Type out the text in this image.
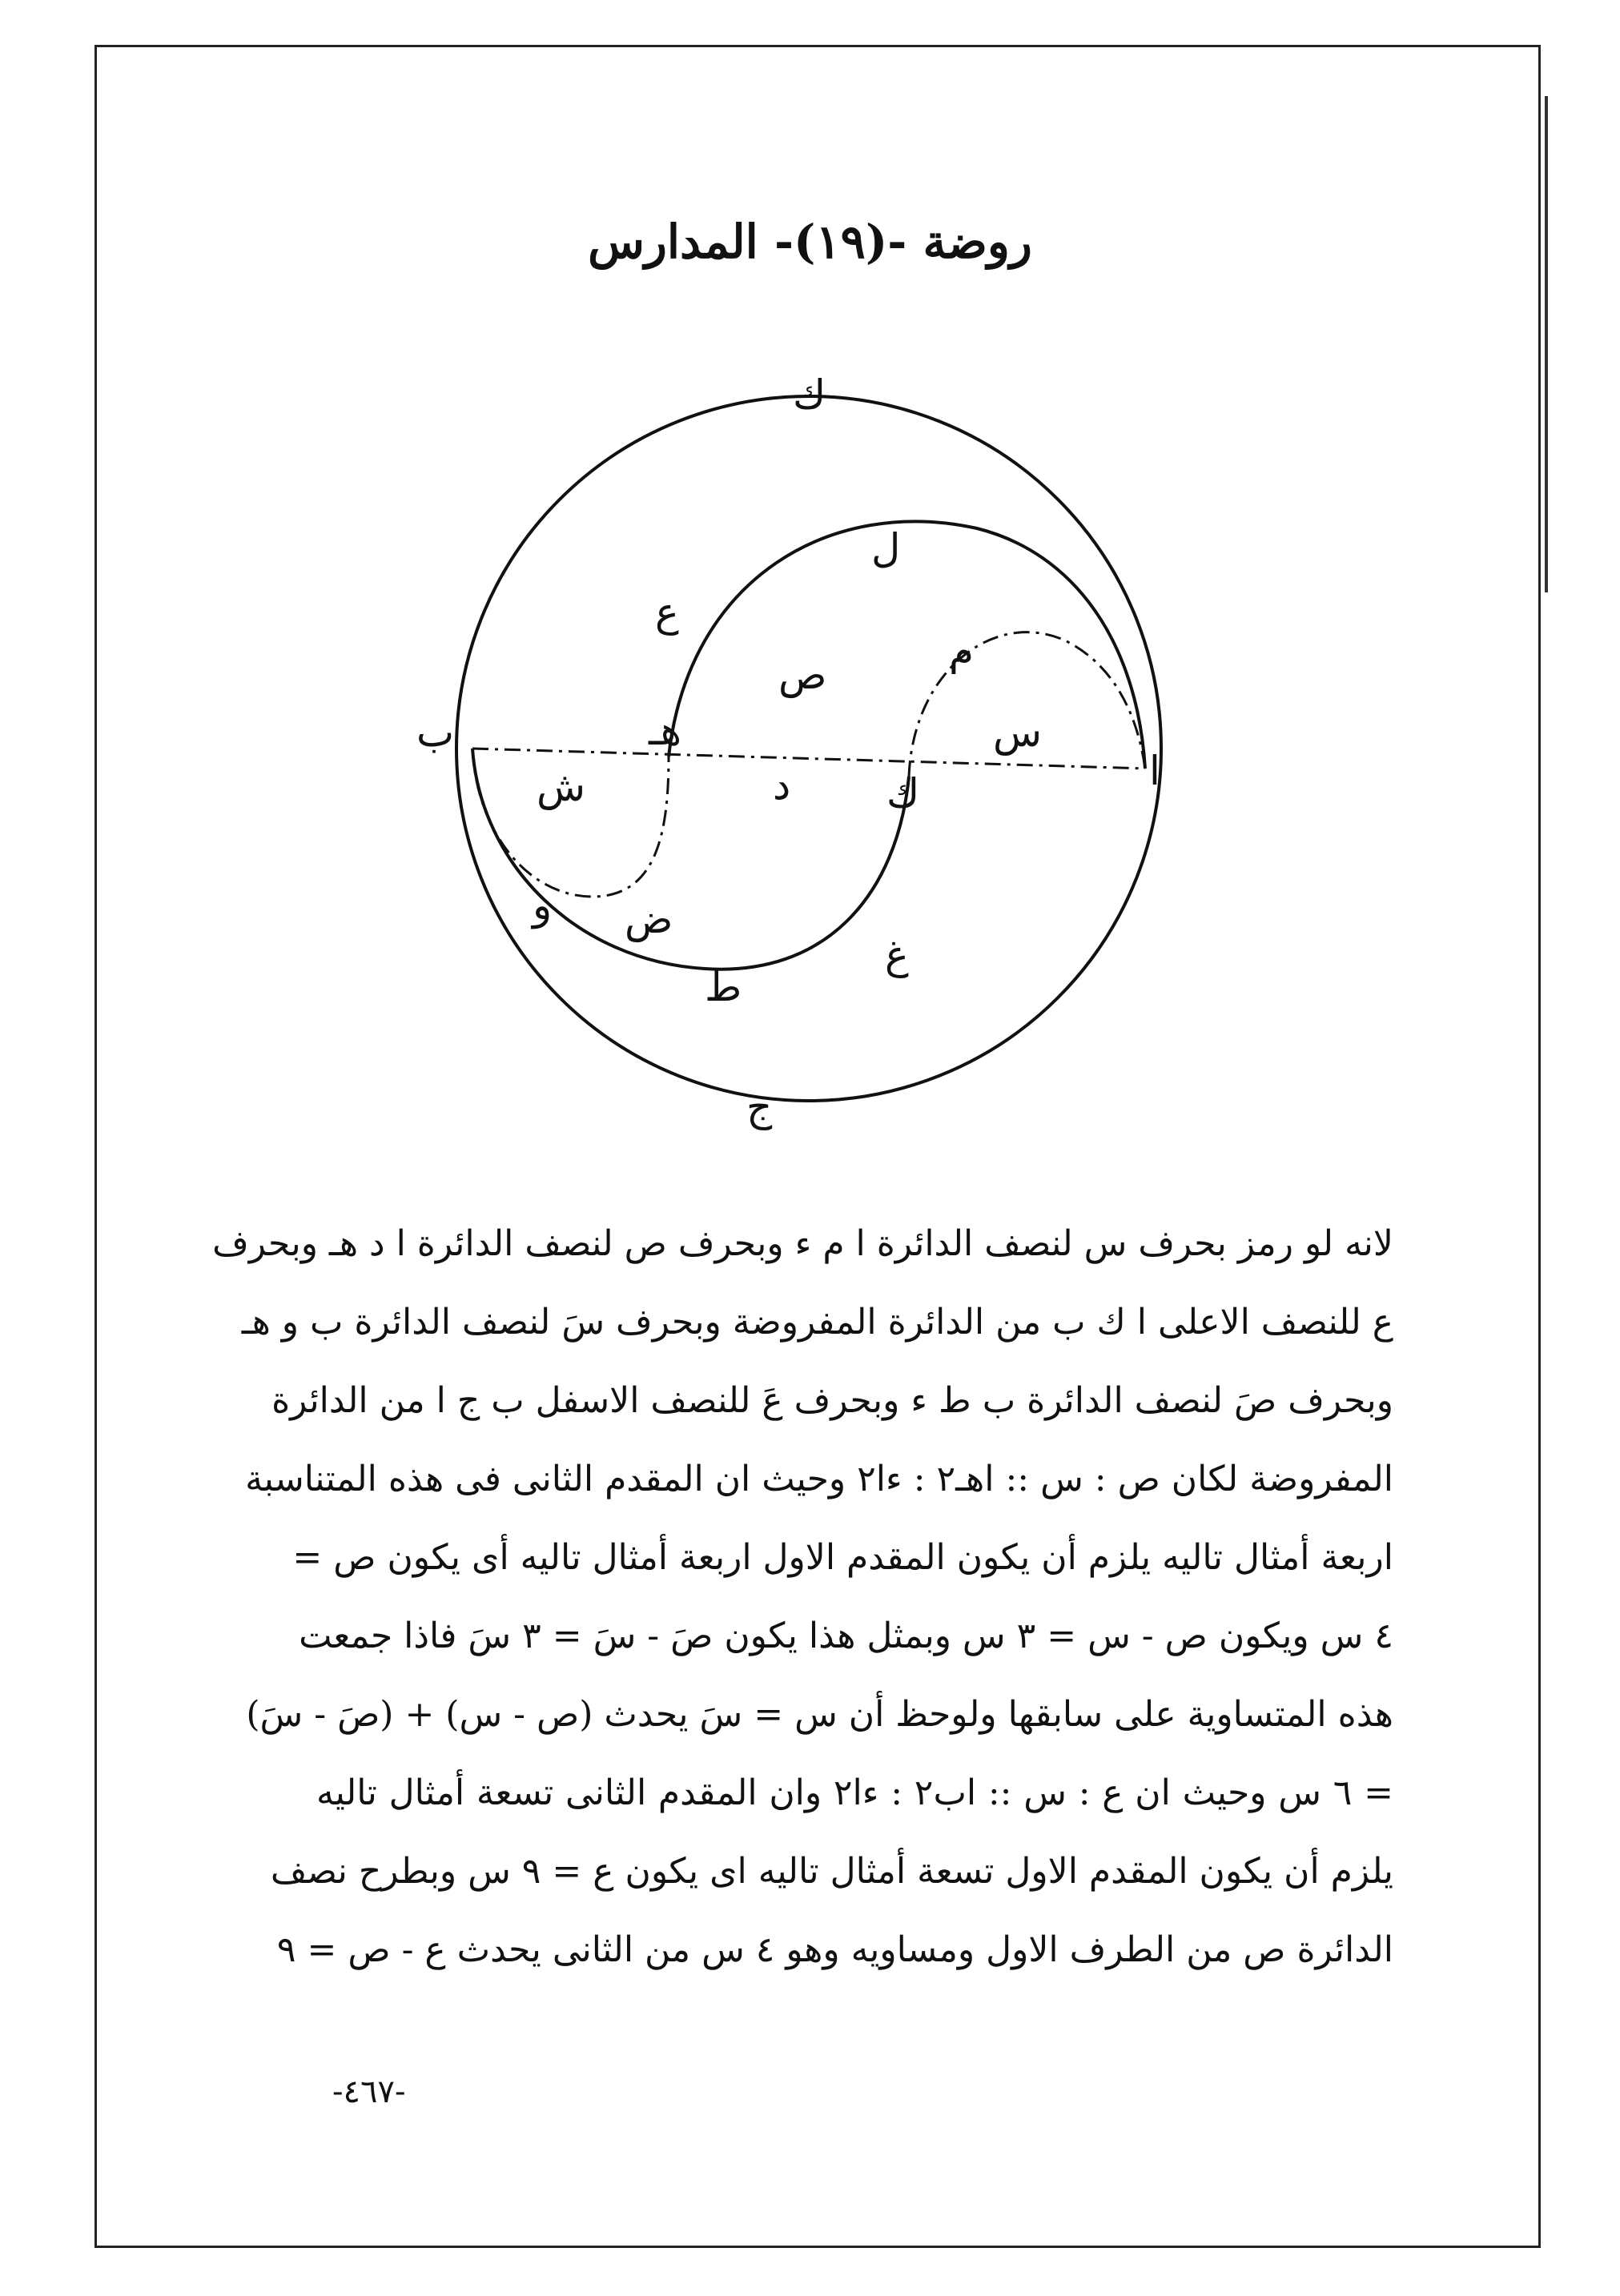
روضة -(١٩)- المدارس
ك
ل
ع
ص
م
س
ب	هـ
ش	د ك	ا
و ض
غ
ط
ج
لانه لو رمز بحرف س لنصف الدائرة ا م ء وبحرف ص لنصف الدائرة ا د هـ وبحرف
ع للنصف الاعلى ا ك ب من الدائرة المفروضة وبحرف سَ لنصف الدائرة ب و هـ
وبحرف صَ لنصف الدائرة ب ط ء وبحرف عَ للنصف الاسفل ب ج ا من الدائرة
المفروضة لكان ص : س :: اهـ٢ : ءا٢ وحيث ان المقدم الثانى فى هذه المتناسبة
اربعة أمثال تاليه يلزم أن يكون المقدم الاول اربعة أمثال تاليه أى يكون ص =
٤ س ويكون ص - س = ٣ س وبمثل هذا يكون صَ - سَ = ٣ سَ فاذا جمعت
هذه المتساوية على سابقها ولوحظ أن س = سَ يحدث (ص - س) + (صَ - سَ)
= ٦ س وحيث ان ع : س :: اب٢ : ءا٢ وان المقدم الثانى تسعة أمثال تاليه
يلزم أن يكون المقدم الاول تسعة أمثال تاليه اى يكون ع = ٩ س وبطرح نصف
الدائرة ص من الطرف الاول ومساويه وهو ٤ س من الثانى يحدث ع - ص = ٩
-٤٦٧-
